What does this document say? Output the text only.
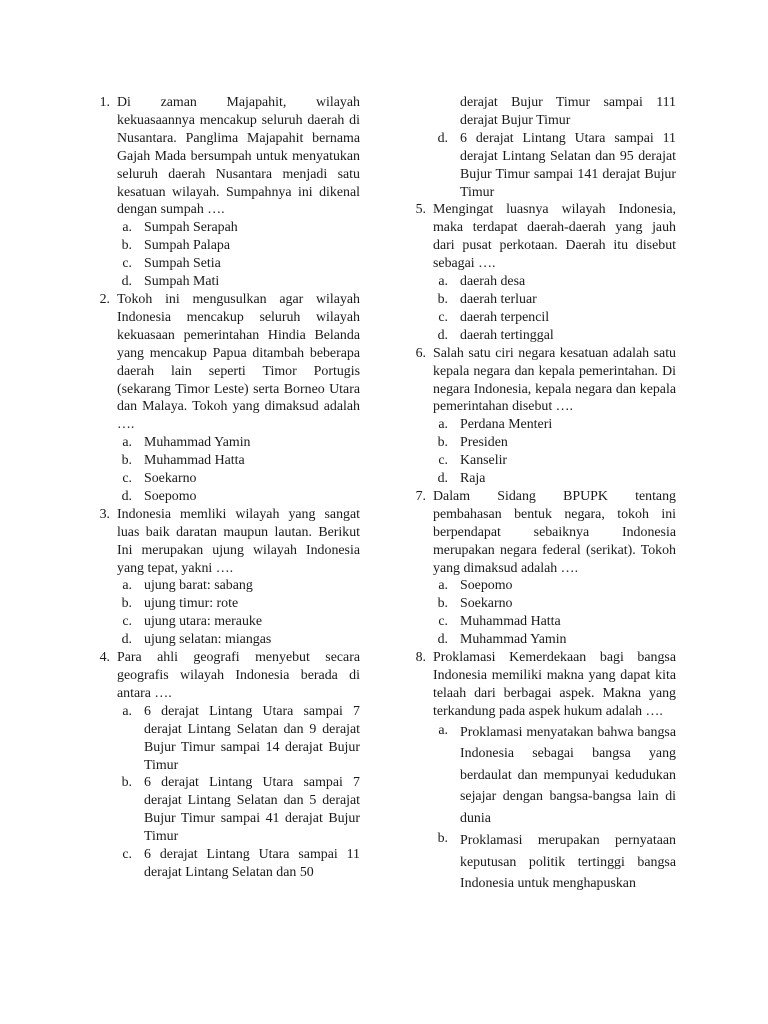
1. Di zaman Majapahit, wilayah kekuasaannya mencakup seluruh daerah di Nusantara. Panglima Majapahit bernama Gajah Mada bersumpah untuk menyatukan seluruh daerah Nusantara menjadi satu kesatuan wilayah. Sumpahnya ini dikenal dengan sumpah ….
a. Sumpah Serapah
b. Sumpah Palapa
c. Sumpah Setia
d. Sumpah Mati
2. Tokoh ini mengusulkan agar wilayah Indonesia mencakup seluruh wilayah kekuasaan pemerintahan Hindia Belanda yang mencakup Papua ditambah beberapa daerah lain seperti Timor Portugis (sekarang Timor Leste) serta Borneo Utara dan Malaya. Tokoh yang dimaksud adalah ….
a. Muhammad Yamin
b. Muhammad Hatta
c. Soekarno
d. Soepomo
3. Indonesia memliki wilayah yang sangat luas baik daratan maupun lautan. Berikut Ini merupakan ujung wilayah Indonesia yang tepat, yakni ….
a. ujung barat: sabang
b. ujung timur: rote
c. ujung utara: merauke
d. ujung selatan: miangas
4. Para ahli geografi menyebut secara geografis wilayah Indonesia berada di antara ….
a. 6 derajat Lintang Utara sampai 7 derajat Lintang Selatan dan 9 derajat Bujur Timur sampai 14 derajat Bujur Timur
b. 6 derajat Lintang Utara sampai 7 derajat Lintang Selatan dan 5 derajat Bujur Timur sampai 41 derajat Bujur Timur
c. 6 derajat Lintang Utara sampai 11 derajat Lintang Selatan dan 50
derajat Bujur Timur sampai 111 derajat Bujur Timur
d. 6 derajat Lintang Utara sampai 11 derajat Lintang Selatan dan 95 derajat Bujur Timur sampai 141 derajat Bujur Timur
5. Mengingat luasnya wilayah Indonesia, maka terdapat daerah-daerah yang jauh dari pusat perkotaan. Daerah itu disebut sebagai ….
a. daerah desa
b. daerah terluar
c. daerah terpencil
d. daerah tertinggal
6. Salah satu ciri negara kesatuan adalah satu kepala negara dan kepala pemerintahan. Di negara Indonesia, kepala negara dan kepala pemerintahan disebut ….
a. Perdana Menteri
b. Presiden
c. Kanselir
d. Raja
7. Dalam Sidang BPUPK tentang pembahasan bentuk negara, tokoh ini berpendapat sebaiknya Indonesia merupakan negara federal (serikat). Tokoh yang dimaksud adalah ….
a. Soepomo
b. Soekarno
c. Muhammad Hatta
d. Muhammad Yamin
8. Proklamasi Kemerdekaan bagi bangsa Indonesia memiliki makna yang dapat kita telaah dari berbagai aspek. Makna yang terkandung pada aspek hukum adalah ….
a. Proklamasi menyatakan bahwa bangsa Indonesia sebagai bangsa yang berdaulat dan mempunyai kedudukan sejajar dengan bangsa-bangsa lain di dunia
b. Proklamasi merupakan pernyataan keputusan politik tertinggi bangsa Indonesia untuk menghapuskan
